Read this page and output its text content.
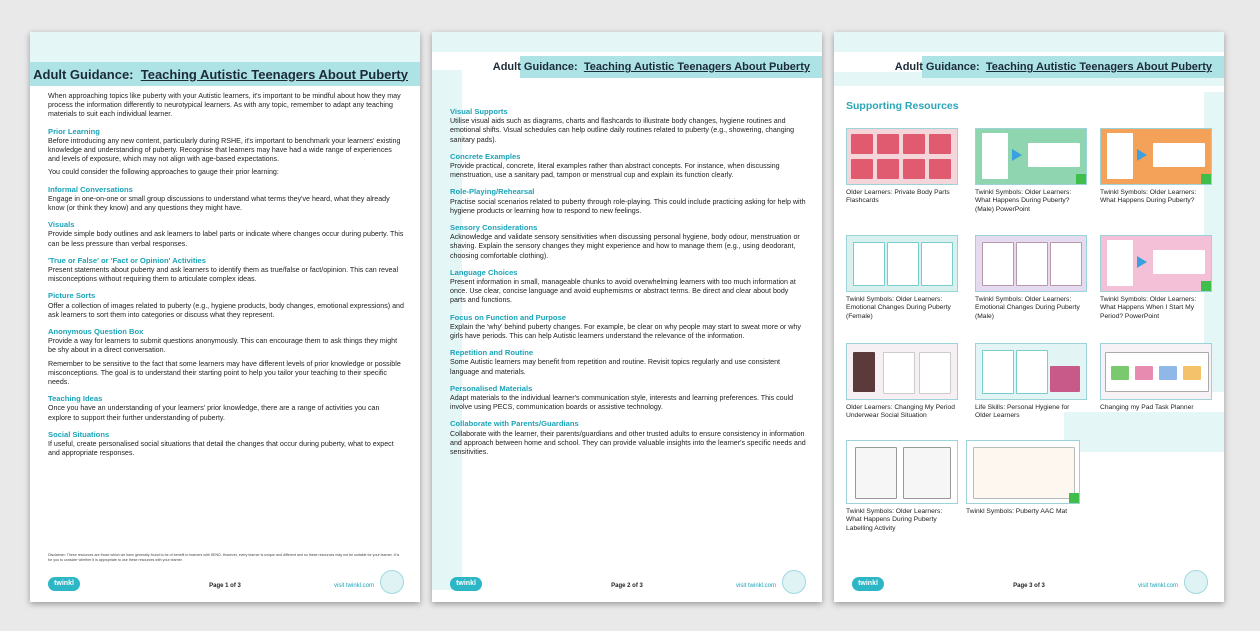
Adult Guidance: Teaching Autistic Teenagers About Puberty

When approaching topics like puberty with your Autistic learners, it's important to be mindful about how they may process the information differently to neurotypical learners. As with any topic, remember to adapt any teaching materials to suit each individual learner.

Prior Learning

Before introducing any new content, particularly during RSHE, it's important to benchmark your learners' existing knowledge and understanding of puberty. Recognise that learners may have had a wide range of experiences and levels of exposure, which may not align with age-based expectations.

You could consider the following approaches to gauge their prior learning:

Informal Conversations

Engage in one-on-one or small group discussions to understand what terms they've heard, what they already know (or think they know) and any questions they might have.

Visuals

Provide simple body outlines and ask learners to label parts or indicate where changes occur during puberty. This can be less pressure than verbal responses.

'True or False' or 'Fact or Opinion' Activities

Present statements about puberty and ask learners to identify them as true/false or fact/opinion. This can reveal misconceptions without requiring them to articulate complex ideas.

Picture Sorts

Offer a collection of images related to puberty (e.g., hygiene products, body changes, emotional expressions) and ask learners to sort them into categories or discuss what they represent.

Anonymous Question Box

Provide a way for learners to submit questions anonymously. This can encourage them to ask things they might be shy about in a direct conversation.

Remember to be sensitive to the fact that some learners may have different levels of prior knowledge or possible misconceptions. The goal is to understand their starting point to help you tailor your teaching to their specific needs.

Teaching Ideas

Once you have an understanding of your learners' prior knowledge, there are a range of activities you can explore to support their further understanding of puberty.

Social Situations

If useful, create personalised social situations that detail the changes that occur during puberty, what to expect and appropriate responses.

Disclaimer: These resources are those which we have generally found to be of benefit to learners with SEND. However, every learner is unique and different and so these resources may not be suitable for your learner. It is for you to consider whether it is appropriate to use these resources with your learner.
twinkl	Page 1 of 3	visit twinkl.com
Adult Guidance: Teaching Autistic Teenagers About Puberty
Visual Supports

Utilise visual aids such as diagrams, charts and flashcards to illustrate body changes, hygiene routines and emotional shifts. Visual schedules can help outline daily routines related to puberty (e.g., showering, changing sanitary pads).

Concrete Examples

Provide practical, concrete, literal examples rather than abstract concepts. For instance, when discussing menstruation, use a sanitary pad, tampon or menstrual cup and explain its function clearly.

Role-Playing/Rehearsal

Practise social scenarios related to puberty through role-playing. This could include practicing asking for help with hygiene products or learning how to respond to new feelings.

Sensory Considerations

Acknowledge and validate sensory sensitivities when discussing personal hygiene, body odour, menstruation or shaving. Explain the sensory changes they might experience and how to manage them (e.g., using deodorant, choosing comfortable clothing).

Language Choices

Present information in small, manageable chunks to avoid overwhelming learners with too much information at once. Use clear, concise language and avoid euphemisms or abstract terms. Be direct and clear about body parts and functions.

Focus on Function and Purpose

Explain the 'why' behind puberty changes. For example, be clear on why people may start to sweat more or why girls have periods. This can help Autistic learners understand the relevance of the information.

Repetition and Routine

Some Autistic learners may benefit from repetition and routine. Revisit topics regularly and use consistent language and materials.

Personalised Materials

Adapt materials to the individual learner's communication style, interests and learning preferences. This could involve using PECS, communication boards or assistive technology.

Collaborate with Parents/Guardians

Collaborate with the learner, their parents/guardians and other trusted adults to ensure consistency in information and approach between home and school. They can provide valuable insights into the learner's specific needs and sensitivities.

twinkl	Page 2 of 3	visit twinkl.com
Adult Guidance: Teaching Autistic Teenagers About Puberty
Supporting Resources
Older Learners: Private Body Parts Flashcards
Twinkl Symbols: Older Learners: What Happens During Puberty? (Male) PowerPoint
Twinkl Symbols: Older Learners: What Happens During Puberty?
Twinkl Symbols: Older Learners: Emotional Changes During Puberty (Female)
Twinkl Symbols: Older Learners: Emotional Changes During Puberty (Male)
Twinkl Symbols: Older Learners: What Happens When I Start My Period? PowerPoint
Older Learners: Changing My Period Underwear Social Situation
Life Skills: Personal Hygiene for Older Learners
Changing my Pad Task Planner
Twinkl Symbols: Older Learners: What Happens During Puberty Labelling Activity
Twinkl Symbols: Puberty AAC Mat
twinkl	Page 3 of 3	visit twinkl.com
